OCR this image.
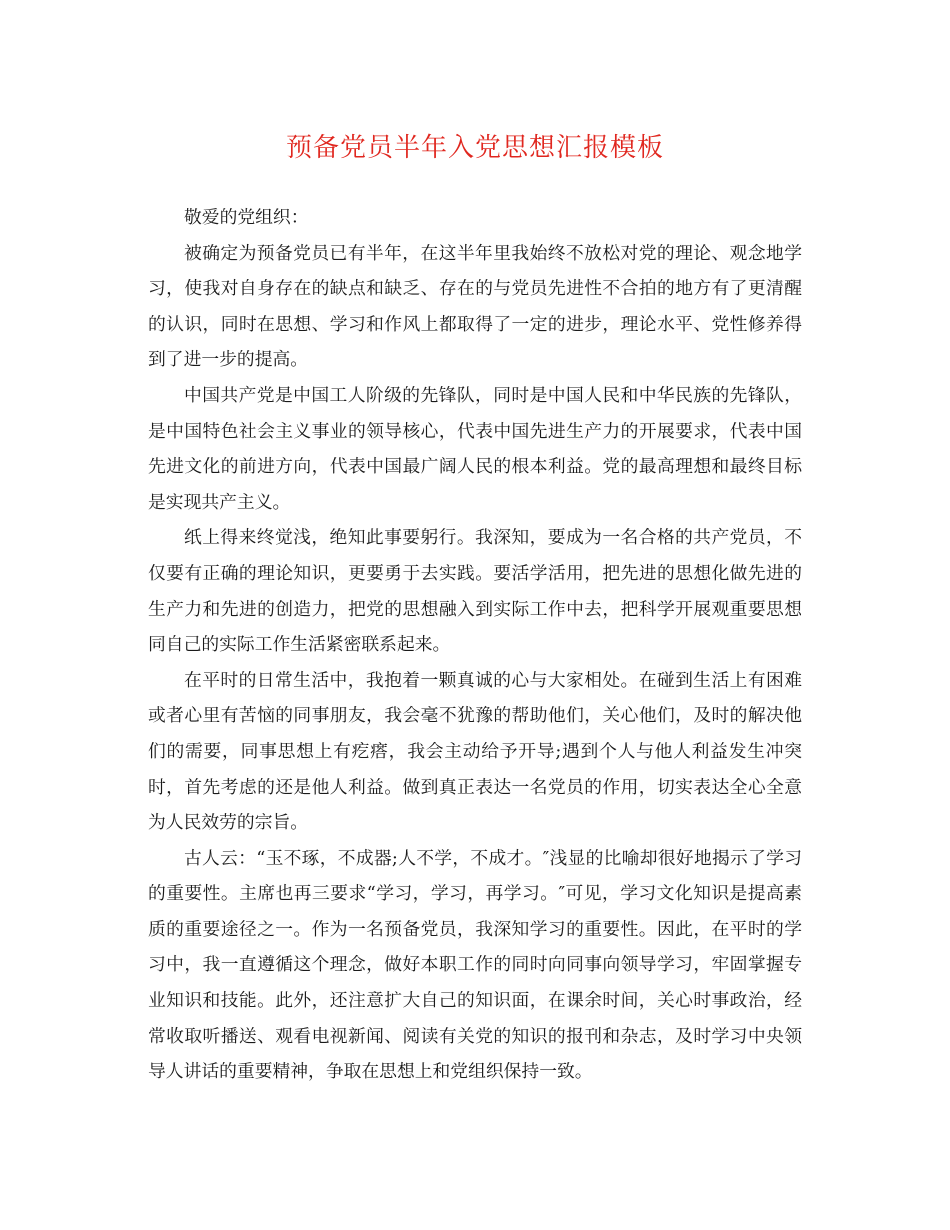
预备党员半年入党思想汇报模板

敬爱的党组织：

被确定为预备党员已有半年，在这半年里我始终不放松对党的理论、观念地学习，使我对自身存在的缺点和缺乏、存在的与党员先进性不合拍的地方有了更清醒的认识，同时在思想、学习和作风上都取得了一定的进步，理论水平、党性修养得到了进一步的提高。

中国共产党是中国工人阶级的先锋队，同时是中国人民和中华民族的先锋队，是中国特色社会主义事业的领导核心，代表中国先进生产力的开展要求，代表中国先进文化的前进方向，代表中国最广阔人民的根本利益。党的最高理想和最终目标是实现共产主义。

纸上得来终觉浅，绝知此事要躬行。我深知，要成为一名合格的共产党员，不仅要有正确的理论知识，更要勇于去实践。要活学活用，把先进的思想化做先进的生产力和先进的创造力，把党的思想融入到实际工作中去，把科学开展观重要思想同自己的实际工作生活紧密联系起来。

在平时的日常生活中，我抱着一颗真诚的心与大家相处。在碰到生活上有困难或者心里有苦恼的同事朋友，我会毫不犹豫的帮助他们，关心他们，及时的解决他们的需要，同事思想上有疙瘩，我会主动给予开导;遇到个人与他人利益发生冲突时，首先考虑的还是他人利益。做到真正表达一名党员的作用，切实表达全心全意为人民效劳的宗旨。

古人云：“玉不琢，不成器;人不学，不成才。″浅显的比喻却很好地揭示了学习的重要性。主席也再三要求“学习，学习，再学习。″可见，学习文化知识是提高素质的重要途径之一。作为一名预备党员，我深知学习的重要性。因此，在平时的学习中，我一直遵循这个理念，做好本职工作的同时向同事向领导学习，牢固掌握专业知识和技能。此外，还注意扩大自己的知识面，在课余时间，关心时事政治，经常收取听播送、观看电视新闻、阅读有关党的知识的报刊和杂志，及时学习中央领导人讲话的重要精神，争取在思想上和党组织保持一致。
